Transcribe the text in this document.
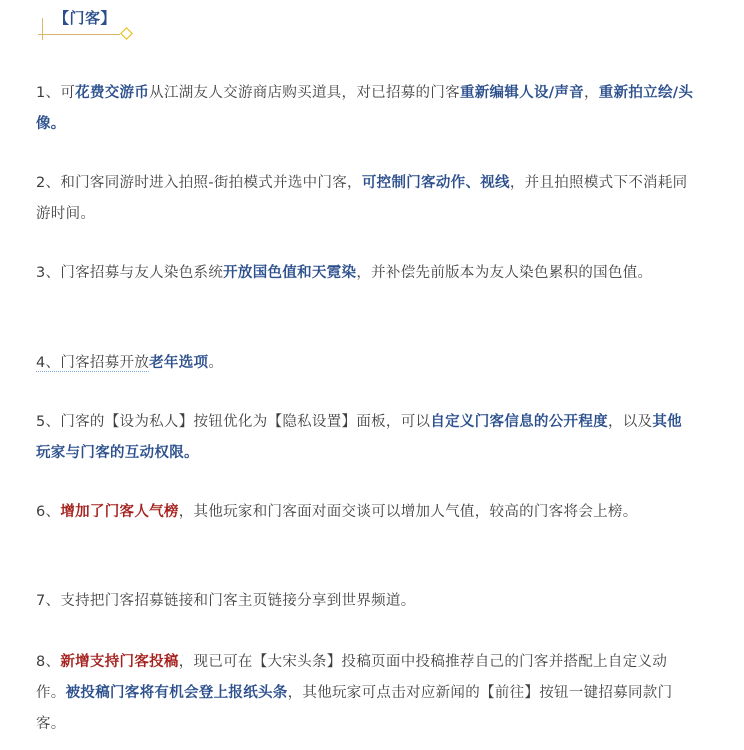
【门客】

1、可花费交游币从江湖友人交游商店购买道具，对已招募的门客重新编辑人设/声音，重新拍立绘/头像。

2、和门客同游时进入拍照-街拍模式并选中门客，可控制门客动作、视线，并且拍照模式下不消耗同游时间。

3、门客招募与友人染色系统开放国色值和天霓染，并补偿先前版本为友人染色累积的国色值。

4、门客招募开放老年选项。

5、门客的【设为私人】按钮优化为【隐私设置】面板，可以自定义门客信息的公开程度，以及其他玩家与门客的互动权限。

6、增加了门客人气榜，其他玩家和门客面对面交谈可以增加人气值，较高的门客将会上榜。

7、支持把门客招募链接和门客主页链接分享到世界频道。

8、新增支持门客投稿，现已可在【大宋头条】投稿页面中投稿推荐自己的门客并搭配上自定义动作。被投稿门客将有机会登上报纸头条，其他玩家可点击对应新闻的【前往】按钮一键招募同款门客。
